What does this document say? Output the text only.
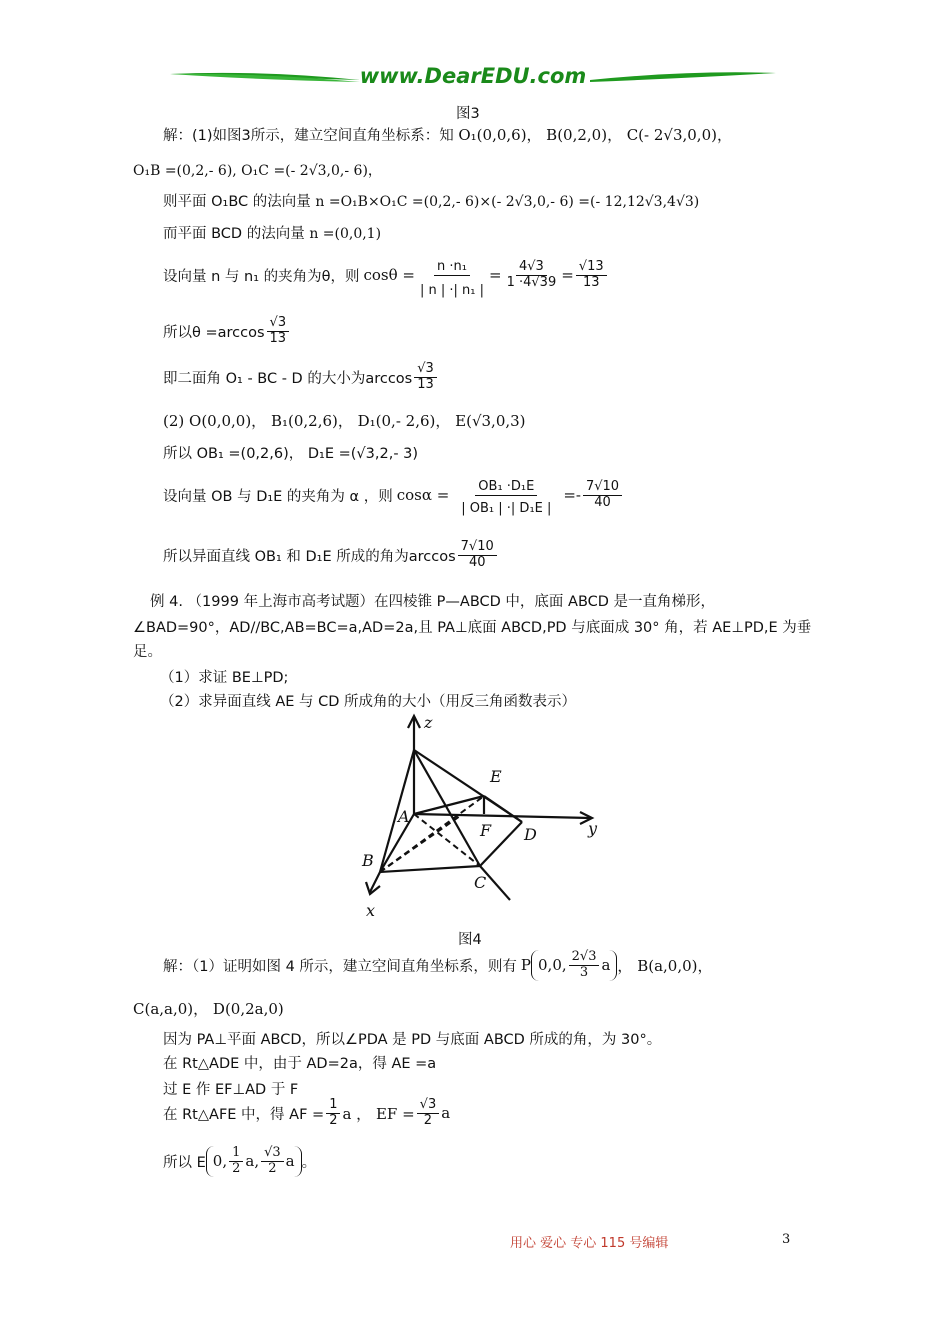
www.DearEDU.com
图3
解：(1)如图3所示，建立空间直角坐标系：知 O₁(0,0,6)， B(0,2,0)， C(- 2√3,0,0)，
O₁B =(0,2,- 6), O₁C =(- 2√3,0,- 6)，
则平面 O₁BC 的法向量 n =O₁B×O₁C =(0,2,- 6)×(- 2√3,0,- 6) =(- 12,12√3,4√3)
而平面 BCD 的法向量 n =(0,0,1)
设向量 n 与 n₁ 的夹角为θ，则 $\cos\theta = \frac{\text{n ·n₁}}{\text{| n | ·| n₁ |}} = \frac{4√3}{1 \cdot 4√39} = \frac{√13}{13}$
所以$\theta =\arccos \frac{√3}{13}$
即二面角 O₁ - BC - D 的大小为$\arccos \frac{√3}{13}$
(2) O(0,0,0)， B₁(0,2,6)， D₁(0,- 2,6)， E(√3,0,3)
所以 OB₁ =(0,2,6)， D₁E =(√3,2,- 3)
设向量 OB 与 D₁E 的夹角为 α ，则 $\cos\alpha = \frac{\text{OB₁ ·D₁E}}{\text{| OB₁ | ·| D₁E |}} =- \frac{7√10}{40}$
所以异面直线 OB₁ 和 D₁E 所成的角为$\arccos \frac{7√10}{40}$
例 4. （1999 年上海市高考试题）在四棱锥 P—ABCD 中，底面 ABCD 是一直角梯形，
∠BAD=90°，AD//BC,AB=BC=a,AD=2a,且 PA⊥底面 ABCD,PD 与底面成 30° 角，若 AE⊥PD,E 为垂
足。
（1）求证 BE⊥PD;
（2）求异面直线 AE 与 CD 所成角的大小（用反三角函数表示）
z
y
x
A
B
C
D
E
F
图4
解：（1）证明如图 4 所示，建立空间直角坐标系，则有 P 0,0, $\frac{2√3}{3}$ a ， B(a,0,0)，
C(a,a,0)， D(0,2a,0)
因为 PA⊥平面 ABCD，所以∠PDA 是 PD 与底面 ABCD 所成的角，为 30°。
在 Rt△ADE 中，由于 AD=2a，得 AE =a
过 E 作 EF⊥AD 于 F
在 Rt△AFE 中，得 AF = $\frac{1}{2}$ a ， EF = $\frac{√3}{2}$ a
所以 E 0, $\frac{1}{2} a$, $\frac{√3}{2}$ a 。
用心 爱心 专心 115 号编辑	3
